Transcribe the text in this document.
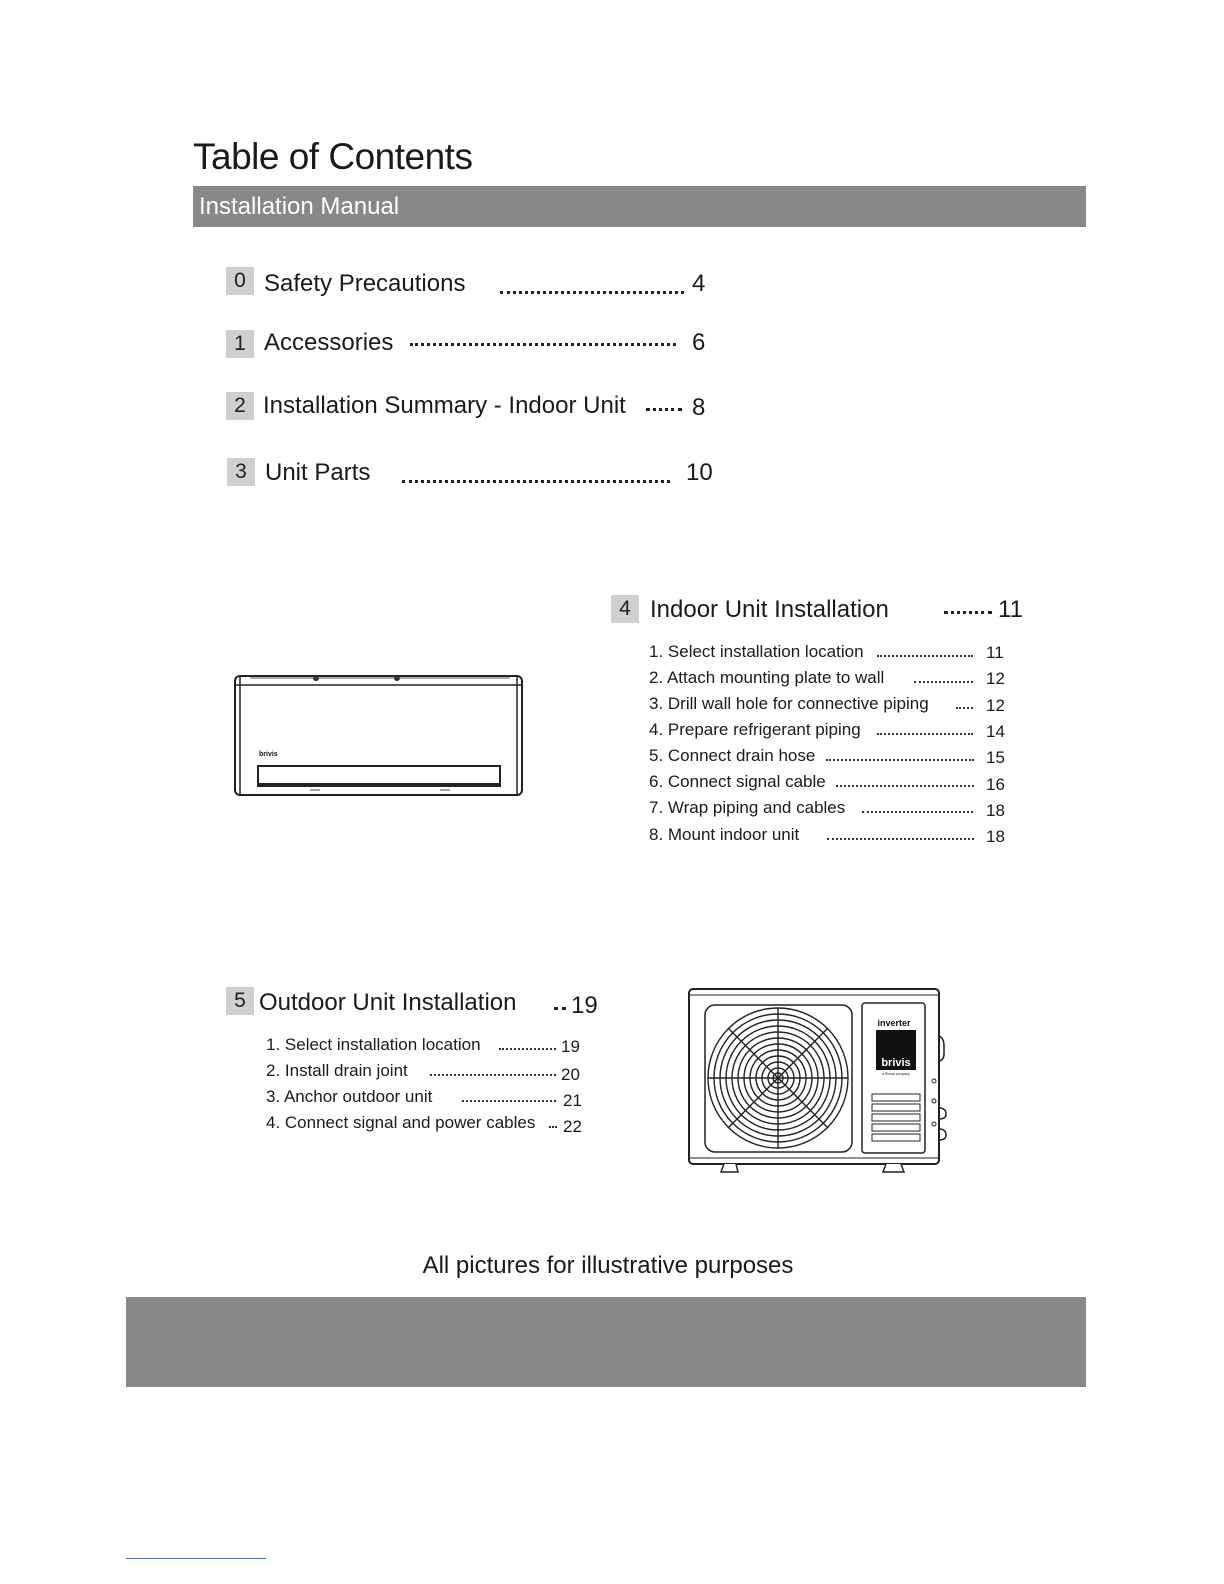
Table of Contents
Installation Manual
0 Safety Precautions	4
1 Accessories	6
2 Installation Summary - Indoor Unit	8
3 Unit Parts	10
brivis
4 Indoor Unit Installation	11
1. Select installation location	11
2. Attach mounting plate to wall	12
3. Drill wall hole for connective piping	12
4. Prepare refrigerant piping	14
5. Connect drain hose	15
6. Connect signal cable	16
7. Wrap piping and cables	18
8. Mount indoor unit	18
5 Outdoor Unit Installation 19
1. Select installation location	19
2. Install drain joint	20
3. Anchor outdoor unit	21
4. Connect signal and power cables 22
inverter
brivis
a Rinnai company
All pictures for illustrative purposes
